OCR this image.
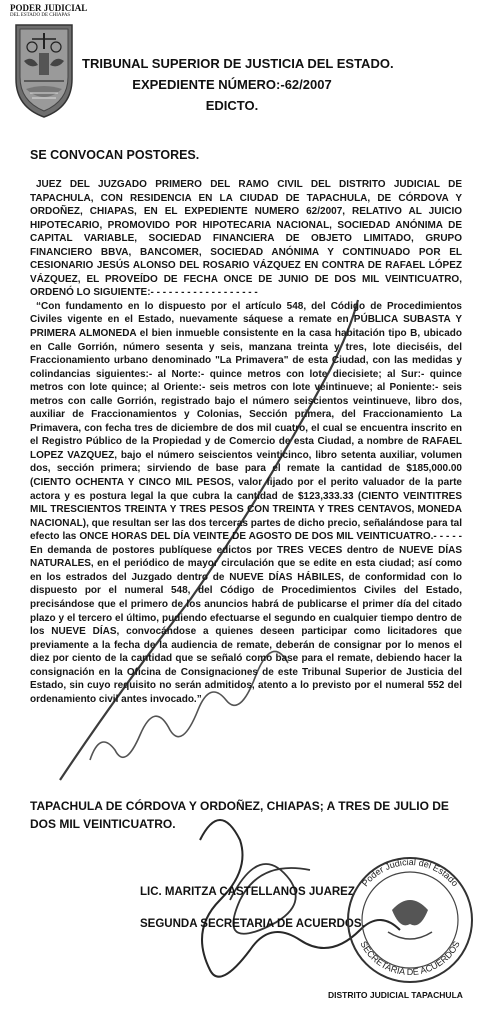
PODER JUDICIAL
DEL ESTADO DE CHIAPAS
TRIBUNAL SUPERIOR DE JUSTICIA DEL ESTADO.
EXPEDIENTE NÚMERO:-62/2007
EDICTO.
SE CONVOCAN POSTORES.

JUEZ DEL JUZGADO PRIMERO DEL RAMO CIVIL DEL DISTRITO JUDICIAL DE TAPACHULA, CON RESIDENCIA EN LA CIUDAD DE TAPACHULA, DE CÓRDOVA Y ORDOÑEZ, CHIAPAS, EN EL EXPEDIENTE NUMERO 62/2007, RELATIVO AL JUICIO HIPOTECARIO, PROMOVIDO POR HIPOTECARIA NACIONAL, SOCIEDAD ANÓNIMA DE CAPITAL VARIABLE, SOCIEDAD FINANCIERA DE OBJETO LIMITADO, GRUPO FINANCIERO BBVA, BANCOMER, SOCIEDAD ANÓNIMA Y CONTINUADO POR EL CESIONARIO JESÚS ALONSO DEL ROSARIO VÁZQUEZ EN CONTRA DE RAFAEL LÓPEZ VÁZQUEZ, EL PROVEÍDO DE FECHA ONCE DE JUNIO DE DOS MIL VEINTICUATRO, ORDENÓ LO SIGUIENTE:- - - - - - - - - - - - - - - - - -

“Con fundamento en lo dispuesto por el artículo 548, del Código de Procedimientos Civiles vigente en el Estado, nuevamente sáquese a remate en PÚBLICA SUBASTA Y PRIMERA ALMONEDA el bien inmueble consistente en la casa habitación tipo B, ubicado en Calle Gorrión, número sesenta y seis, manzana treinta y tres, lote dieciséis, del Fraccionamiento urbano denominado "La Primavera" de esta Ciudad, con las medidas y colindancias siguientes:- al Norte:- quince metros con lote diecisiete; al Sur:- quince metros con lote quince; al Oriente:- seis metros con lote veintinueve; al Poniente:- seis metros con calle Gorrión, registrado bajo el número seiscientos veintinueve, libro dos, auxiliar de Fraccionamientos y Colonias, Sección primera, del Fraccionamiento La Primavera, con fecha tres de diciembre de dos mil cuatro, el cual se encuentra inscrito en el Registro Público de la Propiedad y de Comercio de esta Ciudad, a nombre de RAFAEL LOPEZ VAZQUEZ, bajo el número seiscientos veinticinco, libro setenta auxiliar, volumen dos, sección primera; sirviendo de base para el remate la cantidad de $185,000.00 (CIENTO OCHENTA Y CINCO MIL PESOS, valor fijado por el perito valuador de la parte actora y es postura legal la que cubra la cantidad de $123,333.33 (CIENTO VEINTITRES MIL TRESCIENTOS TREINTA Y TRES PESOS CON TREINTA Y TRES CENTAVOS, MONEDA NACIONAL), que resultan ser las dos terceras partes de dicho precio, señalándose para tal efecto las ONCE HORAS DEL DÍA VEINTE DE AGOSTO DE DOS MIL VEINTICUATRO.- - - - -En demanda de postores publíquese edictos por TRES VECES dentro de NUEVE DÍAS NATURALES, en el periódico de mayor circulación que se edite en esta ciudad; así como en los estrados del Juzgado dentro de NUEVE DÍAS HÁBILES, de conformidad con lo dispuesto por el numeral 548, del Código de Procedimientos Civiles del Estado, precisándose que el primero de los anuncios habrá de publicarse el primer día del citado plazo y el tercero el último, pudiendo efectuarse el segundo en cualquier tiempo dentro de los NUEVE DÍAS, convocándose a quienes deseen participar como licitadores que previamente a la fecha de la audiencia de remate, deberán de consignar por lo menos el diez por ciento de la cantidad que se señaló como base para el remate, debiendo hacer la consignación en la Oficina de Consignaciones de este Tribunal Superior de Justicia del Estado, sin cuyo requisito no serán admitidos, atento a lo previsto por el numeral 552 del ordenamiento civil antes invocado.”

TAPACHULA DE CÓRDOVA Y ORDOÑEZ, CHIAPAS; A TRES DE JULIO DE DOS MIL VEINTICUATRO.
LIC. MARITZA CASTELLANOS JUAREZ
SEGUNDA SECRETARIA DE ACUERDOS.
Poder Judicial del Estado
SECRETARIA DE ACUERDOS
DISTRITO JUDICIAL TAPACHULA
